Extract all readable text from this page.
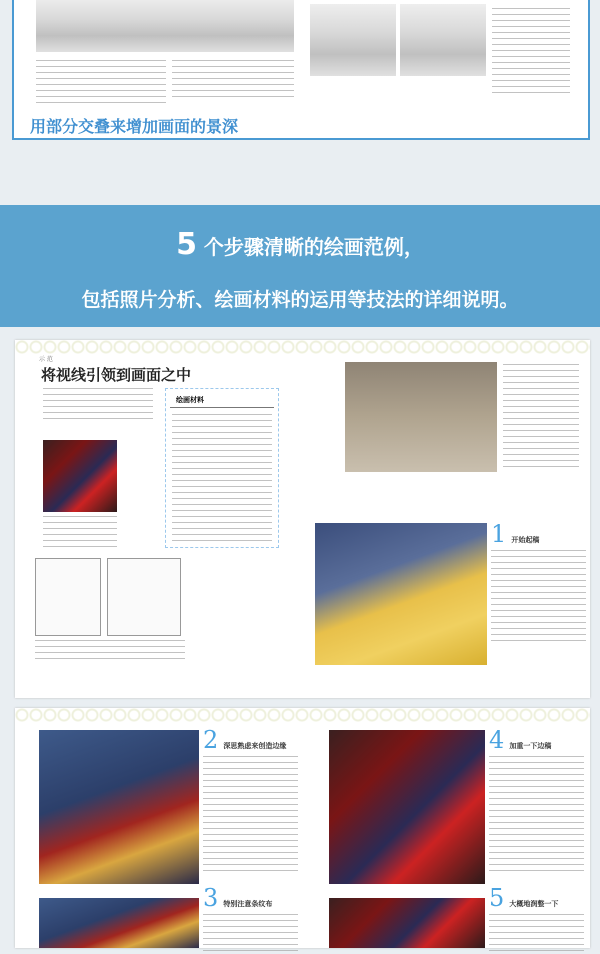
用部分交叠来增加画面的景深
5 个步骤清晰的绘画范例，
包括照片分析、绘画材料的运用等技法的详细说明。
示 范
将视线引领到画面之中
绘画材料
1 开始起稿
2 深思熟虑来创造边缘
3 特别注意条纹布
4 加重一下边稿
5 大概地润整一下
